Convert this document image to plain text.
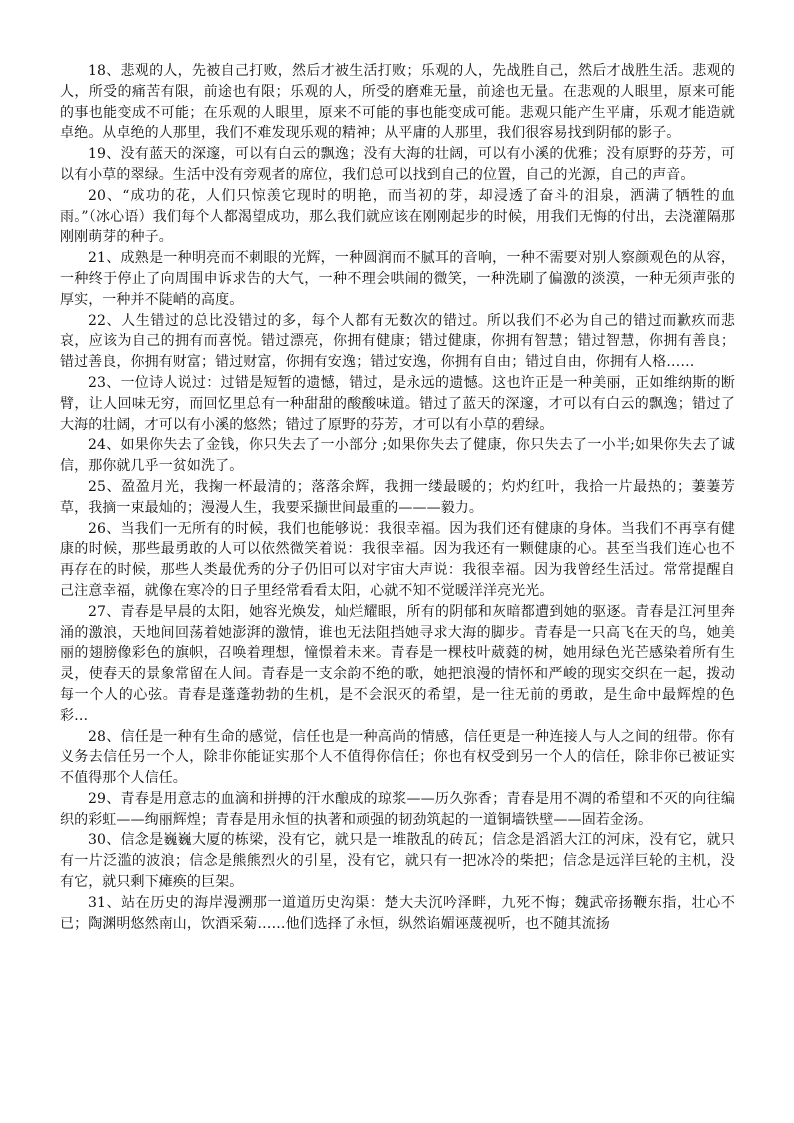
18、悲观的人，先被自己打败，然后才被生活打败；乐观的人，先战胜自己，然后才战胜生活。悲观的人，所受的痛苦有限，前途也有限；乐观的人，所受的磨难无量，前途也无量。在悲观的人眼里，原来可能的事也能变成不可能；在乐观的人眼里，原来不可能的事也能变成可能。悲观只能产生平庸，乐观才能造就卓绝。从卓绝的人那里，我们不难发现乐观的精神；从平庸的人那里，我们很容易找到阴郁的影子。

19、没有蓝天的深邃，可以有白云的飘逸；没有大海的壮阔，可以有小溪的优雅；没有原野的芬芳，可以有小草的翠绿。生活中没有旁观者的席位，我们总可以找到自己的位置，自己的光源，自己的声音。

20、“成功的花，人们只惊羡它现时的明艳，而当初的芽，却浸透了奋斗的泪泉，洒满了牺牲的血雨。”（冰心语）我们每个人都渴望成功，那么我们就应该在刚刚起步的时候，用我们无悔的付出，去浇灌隔那刚刚萌芽的种子。

21、成熟是一种明亮而不刺眼的光辉，一种圆润而不腻耳的音响，一种不需要对别人察颜观色的从容，一种终于停止了向周围申诉求告的大气，一种不理会哄闹的微笑，一种洗刷了偏激的淡漠，一种无须声张的厚实，一种并不陡峭的高度。

22、人生错过的总比没错过的多，每个人都有无数次的错过。所以我们不必为自己的错过而歉疚而悲哀，应该为自己的拥有而喜悦。错过漂亮，你拥有健康；错过健康，你拥有智慧；错过智慧，你拥有善良；错过善良，你拥有财富；错过财富，你拥有安逸；错过安逸，你拥有自由；错过自由，你拥有人格……

23、一位诗人说过：过错是短暂的遗憾，错过，是永远的遗憾。这也许正是一种美丽，正如维纳斯的断臂，让人回味无穷，而回忆里总有一种甜甜的酸酸味道。错过了蓝天的深邃，才可以有白云的飘逸；错过了大海的壮阔，才可以有小溪的悠然；错过了原野的芬芳，才可以有小草的碧绿。

24、如果你失去了金钱，你只失去了一小部分 ;如果你失去了健康，你只失去了一小半;如果你失去了诚信，那你就几乎一贫如洗了。

25、盈盈月光，我掬一杯最清的；落落余辉，我拥一缕最暖的；灼灼红叶，我拾一片最热的；萋萋芳草，我摘一束最灿的；漫漫人生，我要采撷世间最重的———毅力。

26、当我们一无所有的时候，我们也能够说：我很幸福。因为我们还有健康的身体。当我们不再享有健康的时候，那些最勇敢的人可以依然微笑着说：我很幸福。因为我还有一颗健康的心。甚至当我们连心也不再存在的时候，那些人类最优秀的分子仍旧可以对宇宙大声说：我很幸福。因为我曾经生活过。常常提醒自己注意幸福，就像在寒冷的日子里经常看看太阳，心就不知不觉暖洋洋亮光光。

27、青春是早晨的太阳，她容光焕发，灿烂耀眼，所有的阴郁和灰暗都遭到她的驱逐。青春是江河里奔涌的激浪，天地间回荡着她澎湃的激情，谁也无法阻挡她寻求大海的脚步。青春是一只高飞在天的鸟，她美丽的翅膀像彩色的旗帜，召唤着理想，憧憬着未来。青春是一棵枝叶葳蕤的树，她用绿色光芒感染着所有生灵，使春天的景象常留在人间。青春是一支余韵不绝的歌，她把浪漫的情怀和严峻的现实交织在一起，拨动每一个人的心弦。青春是蓬蓬勃勃的生机，是不会泯灭的希望，是一往无前的勇敢，是生命中最辉煌的色彩…

28、信任是一种有生命的感觉，信任也是一种高尚的情感，信任更是一种连接人与人之间的纽带。你有义务去信任另一个人，除非你能证实那个人不值得你信任；你也有权受到另一个人的信任，除非你已被证实不值得那个人信任。

29、青春是用意志的血滴和拼搏的汗水酿成的琼浆——历久弥香；青春是用不凋的希望和不灭的向往编织的彩虹——绚丽辉煌；青春是用永恒的执著和顽强的韧劲筑起的一道铜墙铁壁——固若金汤。

30、信念是巍巍大厦的栋梁，没有它，就只是一堆散乱的砖瓦；信念是滔滔大江的河床，没有它，就只有一片泛滥的波浪；信念是熊熊烈火的引星，没有它，就只有一把冰冷的柴把；信念是远洋巨轮的主机，没有它，就只剩下瘫痪的巨架。

31、站在历史的海岸漫溯那一道道历史沟渠：楚大夫沉吟泽畔，九死不悔；魏武帝扬鞭东指，壮心不已；陶渊明悠然南山，饮酒采菊……他们选择了永恒，纵然谄媚诬蔑视听，也不随其流扬
